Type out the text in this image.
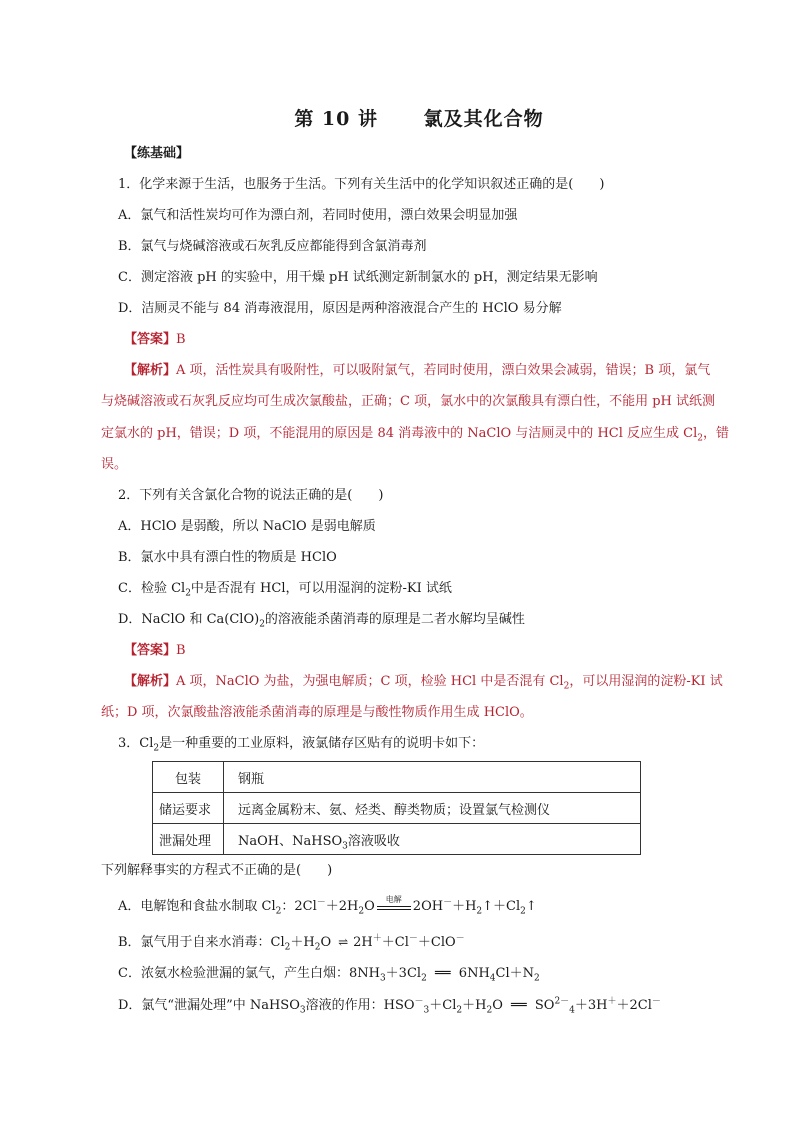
第 10 讲      氯及其化合物
【练基础】
1．化学来源于生活，也服务于生活。下列有关生活中的化学知识叙述正确的是(　　)
A．氯气和活性炭均可作为漂白剂，若同时使用，漂白效果会明显加强
B．氯气与烧碱溶液或石灰乳反应都能得到含氯消毒剂
C．测定溶液 pH 的实验中，用干燥 pH 试纸测定新制氯水的 pH，测定结果无影响
D．洁厕灵不能与 84 消毒液混用，原因是两种溶液混合产生的 HClO 易分解
【答案】B
【解析】A 项，活性炭具有吸附性，可以吸附氯气，若同时使用，漂白效果会减弱，错误；B 项，氯气
与烧碱溶液或石灰乳反应均可生成次氯酸盐，正确；C 项，氯水中的次氯酸具有漂白性，不能用 pH 试纸测
定氯水的 pH，错误；D 项，不能混用的原因是 84 消毒液中的 NaClO 与洁厕灵中的 HCl 反应生成 $Cl_2$，错
误。
2．下列有关含氯化合物的说法正确的是(　　)
A．HClO 是弱酸，所以 NaClO 是弱电解质
B．氯水中具有漂白性的物质是 HClO
C．检验 $Cl_2$中是否混有 HCl，可以用湿润的淀粉-KI 试纸
D．NaClO 和 $Ca(ClO)_2$的溶液能杀菌消毒的原理是二者水解均呈碱性
【答案】B
【解析】A 项，NaClO 为盐，为强电解质；C 项，检验 HCl 中是否混有 $Cl_2$，可以用湿润的淀粉-KI 试
纸；D 项，次氯酸盐溶液能杀菌消毒的原理是与酸性物质作用生成 HClO。
3．$Cl_2$是一种重要的工业原料，液氯储存区贴有的说明卡如下：
包装	钢瓶
储运要求	远离金属粉末、氨、烃类、醇类物质；设置氯气检测仪
泄漏处理	NaOH、NaHSO$_3$溶液吸收
下列解释事实的方程式不正确的是(　　)
A．电解饱和食盐水制取 $Cl_2$：$2Cl^-+2H_2O$	电解 $2OH^-+H_2↑+Cl_2↑$
B．氯气用于自来水消毒：$Cl_2+H_2O$ ⇌ 2H＋＋Cl－＋ClO－
C．浓氨水检验泄漏的氯气，产生白烟：$8NH_3+3Cl_2$ ══ $6NH_4Cl+N_2$
D．氯气“泄漏处理”中 NaHSO$_3$溶液的作用：$HSO^-_3+Cl_2+H_2O$ ══ $SO^{2-}_4+3H^++2Cl^-$
